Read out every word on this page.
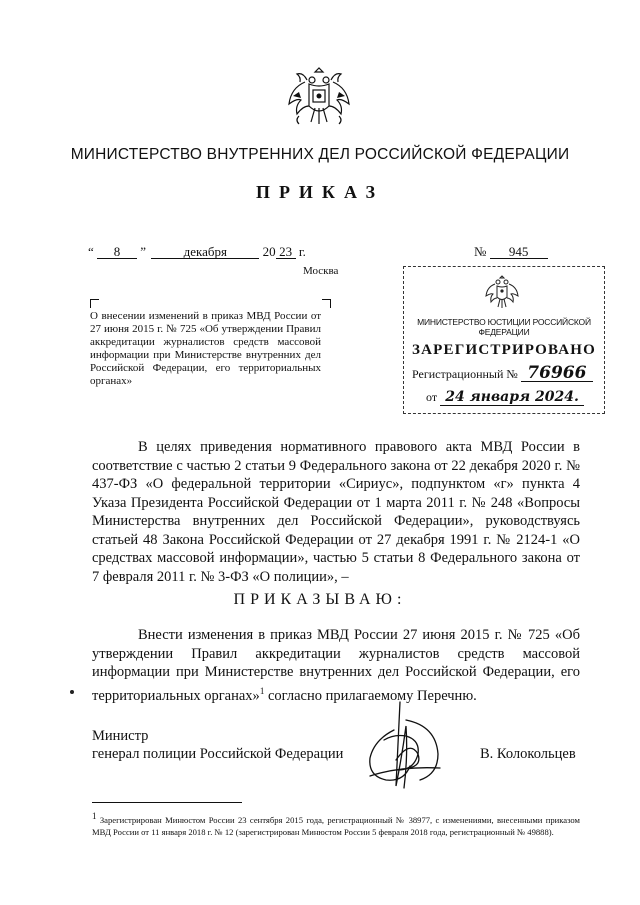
МИНИСТЕРСТВО ВНУТРЕННИХ ДЕЛ РОССИЙСКОЙ ФЕДЕРАЦИИ
ПРИКАЗ
“ 8 ”	декабря	20 23 г.	№ 945
Москва
О внесении изменений в приказ МВД России от 27 июня 2015 г. № 725 «Об утверждении Правил аккредитации журналистов средств массовой информации при Министерстве внутренних дел Российской Федерации, его территориальных органах»
МИНИСТЕРСТВО ЮСТИЦИИ РОССИЙСКОЙ ФЕДЕРАЦИИ
ЗАРЕГИСТРИРОВАНО
Регистрационный № 76966
от 24 января 2024.

В целях приведения нормативного правового акта МВД России в соответствие с частью 2 статьи 9 Федерального закона от 22 декабря 2020 г. № 437-ФЗ «О федеральной территории «Сириус», подпунктом «г» пункта 4 Указа Президента Российской Федерации от 1 марта 2011 г. № 248 «Вопросы Министерства внутренних дел Российской Федерации», руководствуясь статьей 48 Закона Российской Федерации от 27 декабря 1991 г. № 2124-1 «О средствах массовой информации», частью 5 статьи 8 Федерального закона от 7 февраля 2011 г. № 3-ФЗ «О полиции», –

ПРИКАЗЫВАЮ:

Внести изменения в приказ МВД России 27 июня 2015 г. № 725 «Об утверждении Правил аккредитации журналистов средств массовой информации при Министерстве внутренних дел Российской Федерации, его территориальных органах»$^1$ согласно прилагаемому Перечню.

Министр
генерал полиции Российской Федерации	В. Колокольцев
$^1$ Зарегистрирован Минюстом России 23 сентября 2015 года, регистрационный № 38977, с изменениями, внесенными приказом МВД России от 11 января 2018 г. № 12 (зарегистрирован Минюстом России 5 февраля 2018 года, регистрационный № 49888).
